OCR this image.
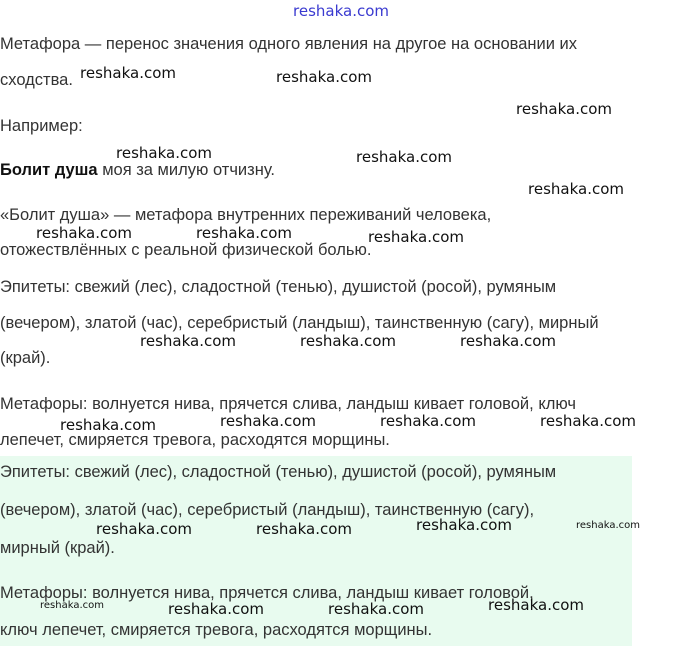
reshaka.com

Метафора — перенос значения одного явления на другое на основании их

сходства.

Например:

Болит душа моя за милую отчизну.

«Болит душа» — метафора внутренних переживаний человека,

отожествлённых с реальной физической болью.

Эпитеты: свежий (лес), сладостной (тенью), душистой (росой), румяным

(вечером), златой (час), серебристый (ландыш), таинственную (сагу), мирный

(край).

Метафоры: волнуется нива, прячется слива, ландыш кивает головой, ключ

лепечет, смиряется тревога, расходятся морщины.

Эпитеты: свежий (лес), сладостной (тенью), душистой (росой), румяным

(вечером), златой (час), серебристый (ландыш), таинственную (сагу),

мирный (край).

Метафоры: волнуется нива, прячется слива, ландыш кивает головой,

ключ лепечет, смиряется тревога, расходятся морщины.

reshaka.com	reshaka.com
reshaka.com
reshaka.com	reshaka.com
reshaka.com
reshaka.com	reshaka.com	reshaka.com
reshaka.com	reshaka.com	reshaka.com
reshaka.com	reshaka.com	reshaka.com	reshaka.com
reshaka.com	reshaka.com	reshaka.com	reshaka.com
reshaka.com	reshaka.com	reshaka.com	reshaka.com
